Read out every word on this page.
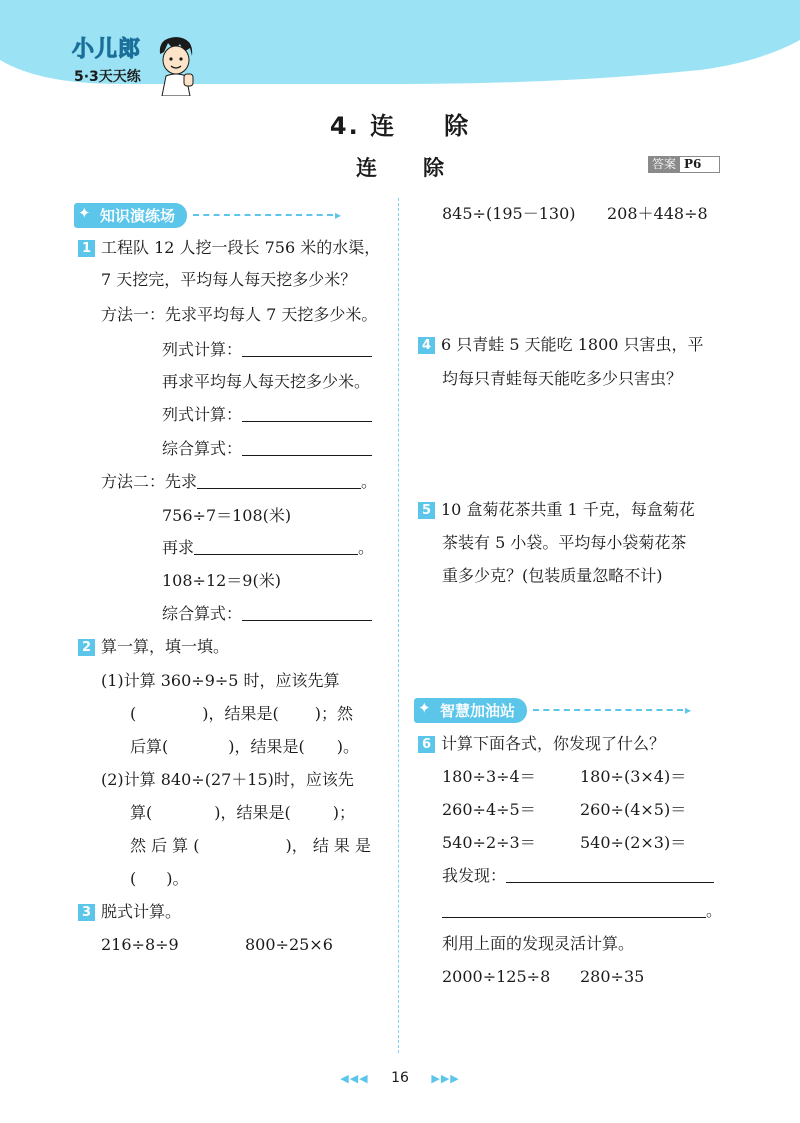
小儿郎
5·3天天练
4. 连 除
连 除	答案 P6
✦ 知识演练场	▸
1 工程队 12 人挖一段长 756 米的水渠，
7 天挖完，平均每人每天挖多少米？
方法一：先求平均每人 7 天挖多少米。
列式计算：
再求平均每人每天挖多少米。
列式计算：
综合算式：
方法二：先求	。
756÷7＝108(米)
再求	。
108÷12＝9(米)
综合算式：
2 算一算，填一填。
(1)计算 360÷9÷5 时，应该先算
(	)，结果是( )；然
后算(	)，结果是( )。
(2)计算 840÷(27＋15)时，应该先
算(	)，结果是(	)；
然 后 算 (	)， 结 果 是
( )。
3 脱式计算。
216÷8÷9	800÷25×6
845÷(195－130) 208＋448÷8
4 6 只青蛙 5 天能吃 1800 只害虫，平
均每只青蛙每天能吃多少只害虫？
5 10 盒菊花茶共重 1 千克，每盒菊花
茶装有 5 小袋。平均每小袋菊花茶
重多少克？(包装质量忽略不计)
✦ 智慧加油站	▸
6 计算下面各式，你发现了什么？
180÷3÷4＝	180÷(3×4)＝
260÷4÷5＝	260÷(4×5)＝
540÷2÷3＝	540÷(2×3)＝
我发现：
。
利用上面的发现灵活计算。
2000÷125÷8 280÷35
◀◀◀ 16 ▶▶▶
